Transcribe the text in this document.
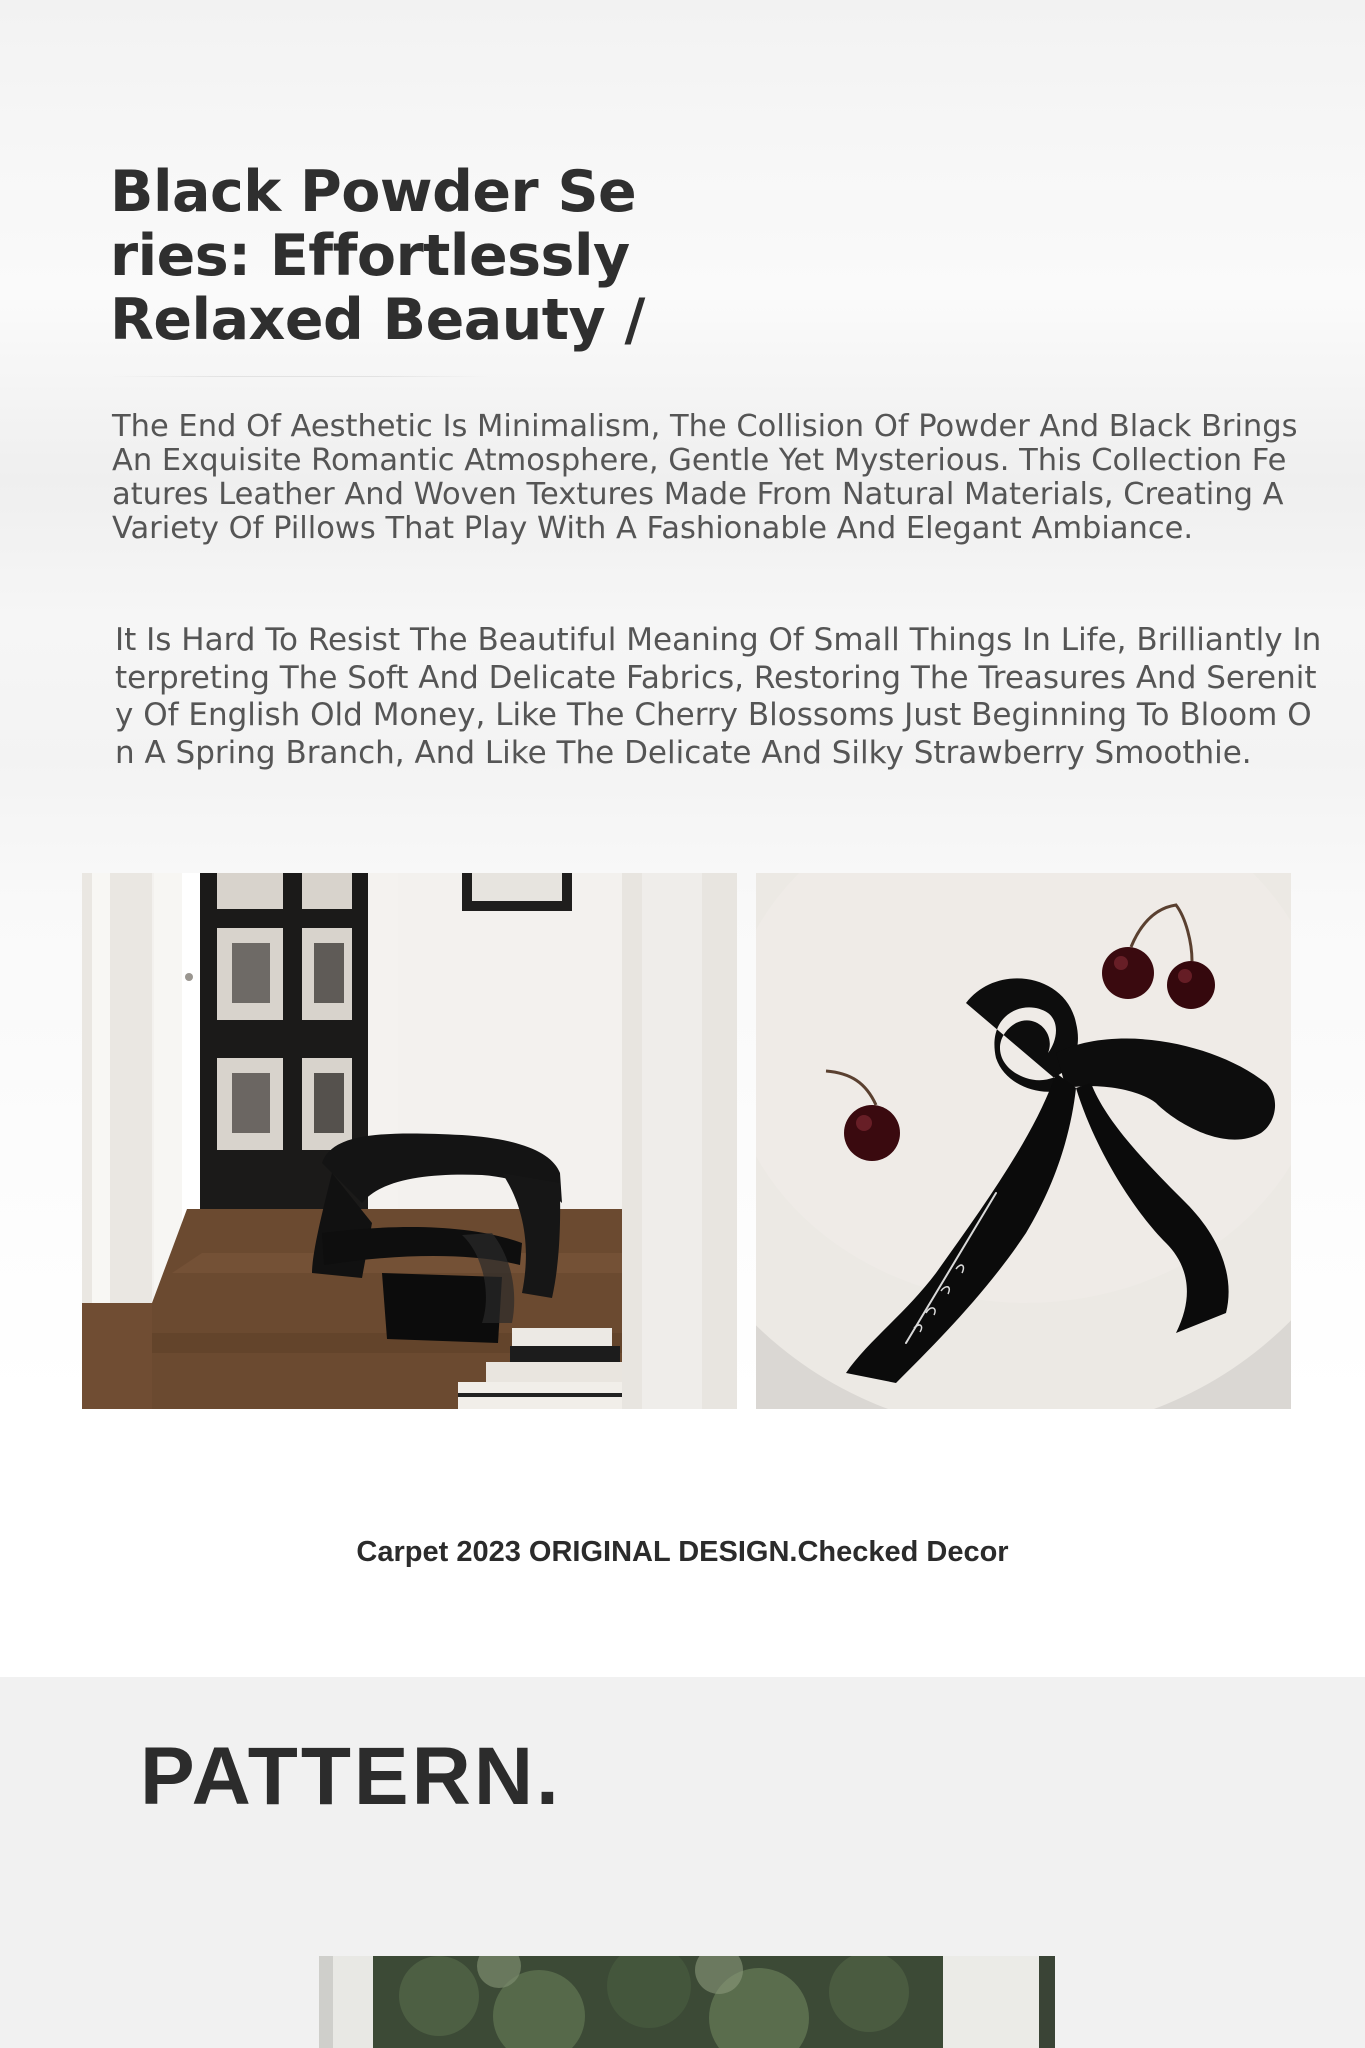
Black Powder Series: Effortlessly Relaxed Beauty /

The End Of Aesthetic Is Minimalism, The Collision Of Powder And Black Brings An Exquisite Romantic Atmosphere, Gentle Yet Mysterious. This Collection Features Leather And Woven Textures Made From Natural Materials, Creating A Variety Of Pillows That Play With A Fashionable And Elegant Ambiance.

It Is Hard To Resist The Beautiful Meaning Of Small Things In Life, Brilliantly Interpreting The Soft And Delicate Fabrics, Restoring The Treasures And Serenity Of English Old Money, Like The Cherry Blossoms Just Beginning To Bloom On A Spring Branch, And Like The Delicate And Silky Strawberry Smoothie.

Carpet 2023 ORIGINAL DESIGN.Checked Decor

PATTERN.
